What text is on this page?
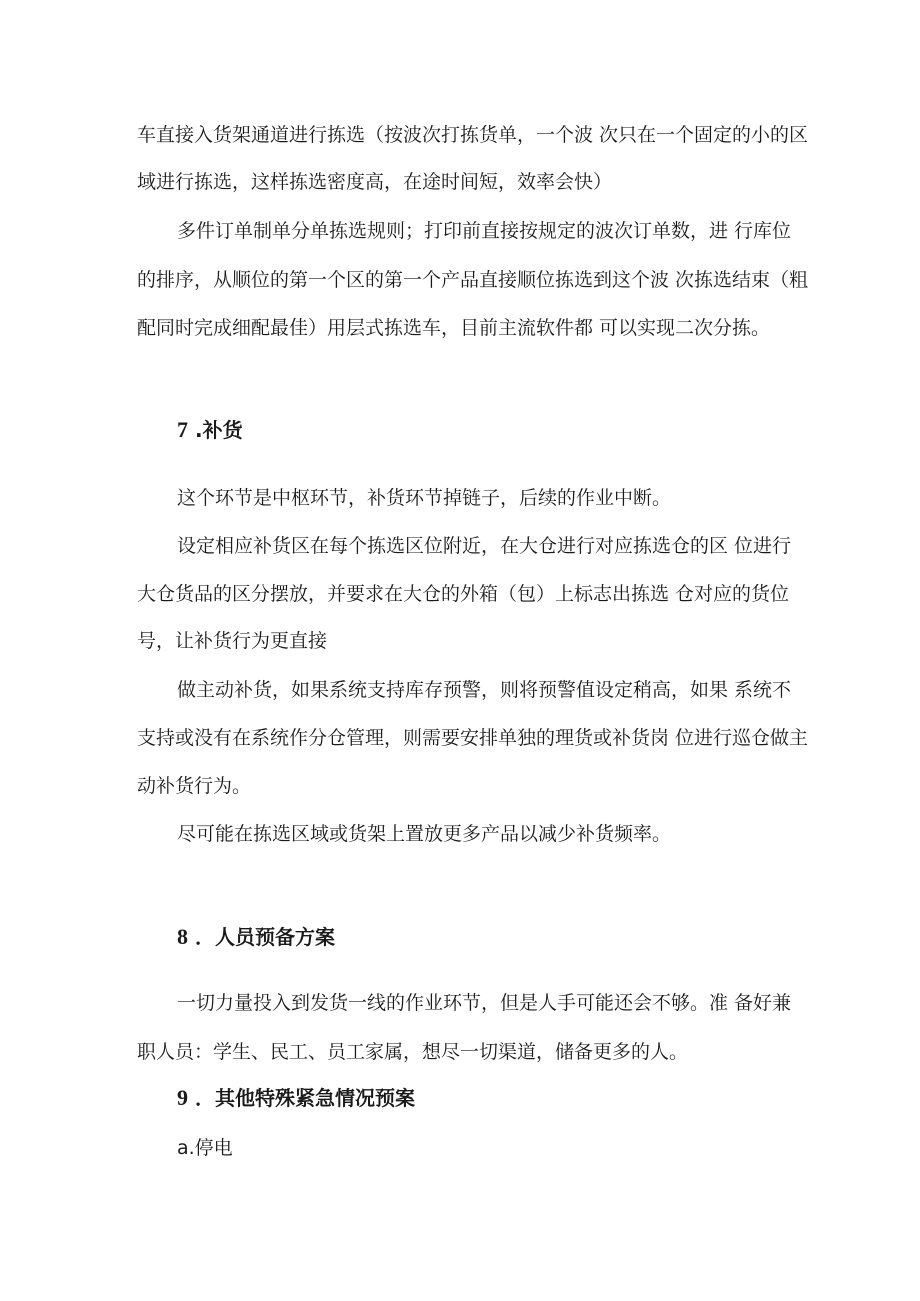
车直接入货架通道进行拣选（按波次打拣货单，一个波 次只在一个固定的小的区

域进行拣选，这样拣选密度高，在途时间短，效率会快）

多件订单制单分单拣选规则；打印前直接按规定的波次订单数，进 行库位

的排序，从顺位的第一个区的第一个产品直接顺位拣选到这个波 次拣选结束（粗

配同时完成细配最佳）用层式拣选车，目前主流软件都 可以实现二次分拣。

7 .补货

这个环节是中枢环节，补货环节掉链子，后续的作业中断。

设定相应补货区在每个拣选区位附近，在大仓进行对应拣选仓的区 位进行

大仓货品的区分摆放，并要求在大仓的外箱（包）上标志出拣选 仓对应的货位

号，让补货行为更直接

做主动补货，如果系统支持库存预警，则将预警值设定稍高，如果 系统不

支持或没有在系统作分仓管理，则需要安排单独的理货或补货岗 位进行巡仓做主

动补货行为。

尽可能在拣选区域或货架上置放更多产品以减少补货频率。

8 ．人员预备方案

一切力量投入到发货一线的作业环节，但是人手可能还会不够。准 备好兼

职人员：学生、民工、员工家属，想尽一切渠道，储备更多的人。

9 ．其他特殊紧急情况预案

a.停电
